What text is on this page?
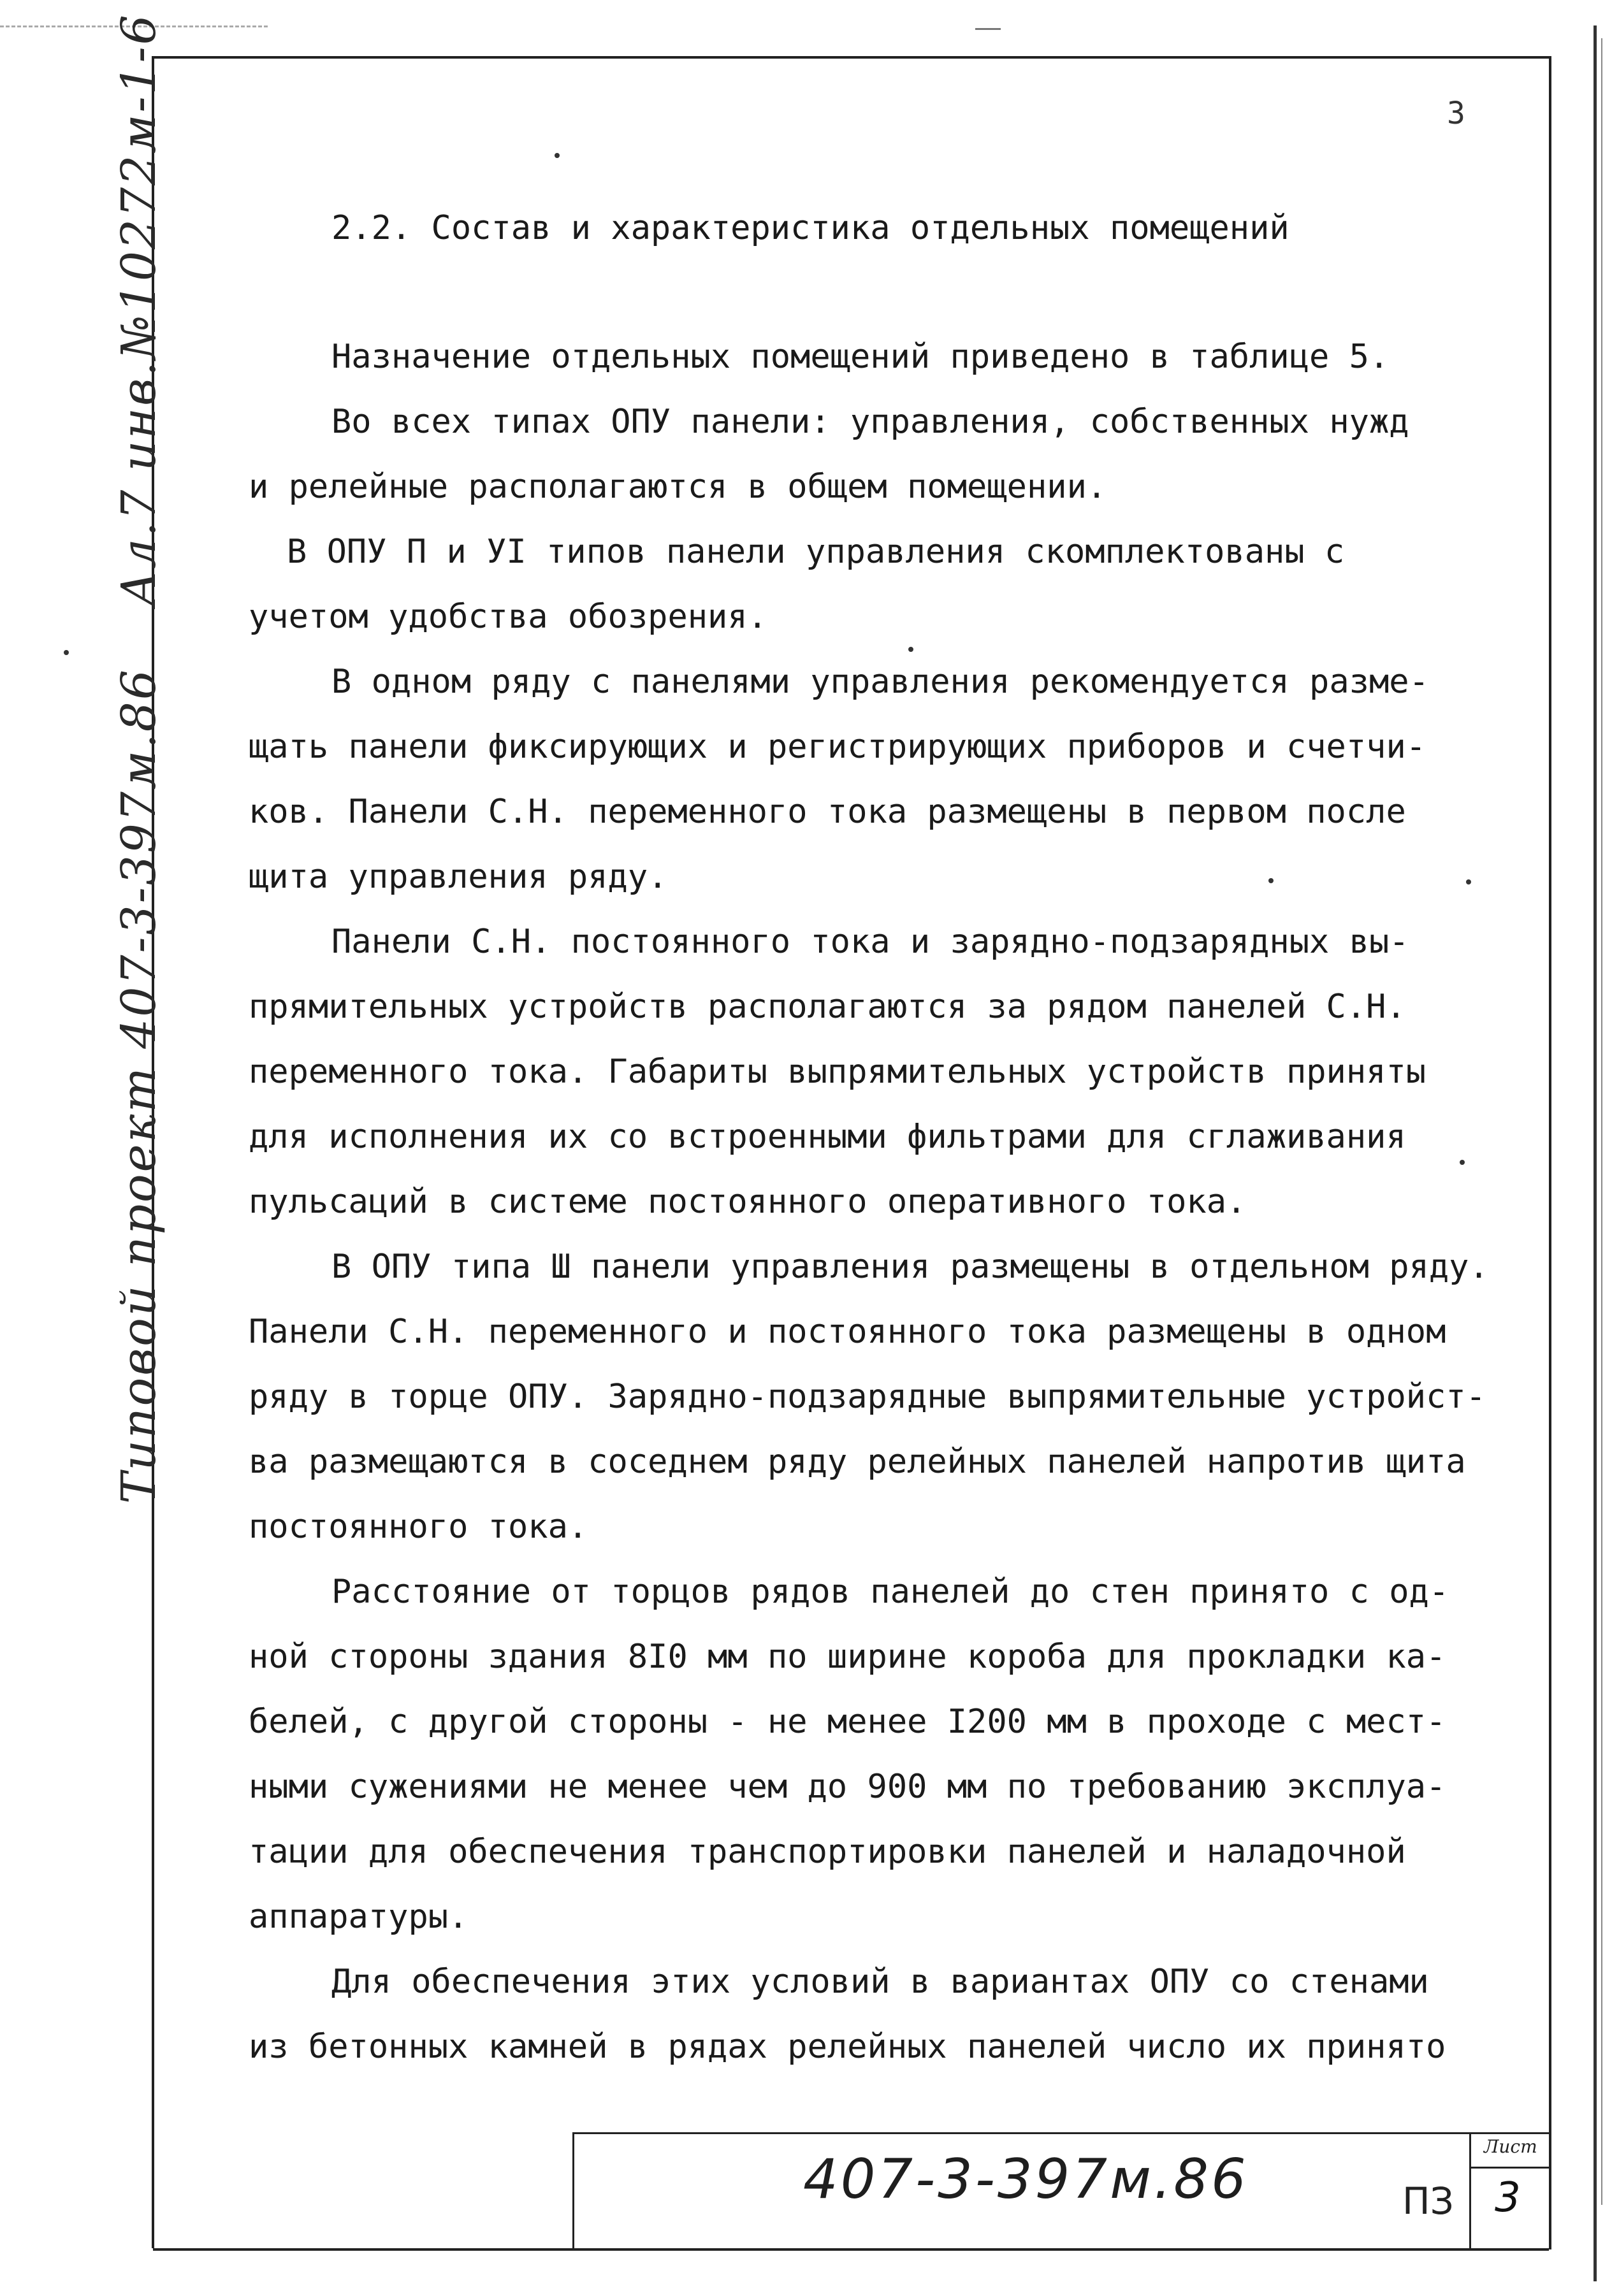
Типовой проект 407-3-397м.86 Ал.7 инв.№10272м-1-6	3
2.2. Состав и характеристика отдельных помещений
Назначение отдельных помещений приведено в таблице 5.
Во всех типах ОПУ панели: управления, собственных нужд
и релейные располагаются в общем помещении.
В ОПУ П и УI типов панели управления скомплектованы с
учетом удобства обозрения.
В одном ряду с панелями управления рекомендуется разме-
щать панели фиксирующих и регистрирующих приборов и счетчи-
ков. Панели С.Н. переменного тока размещены в первом после
щита управления ряду.
Панели С.Н. постоянного тока и зарядно-подзарядных вы-
прямительных устройств располагаются за рядом панелей С.Н.
переменного тока. Габариты выпрямительных устройств приняты
для исполнения их со встроенными фильтрами для сглаживания
пульсаций в системе постоянного оперативного тока.
В ОПУ типа Ш панели управления размещены в отдельном ряду.
Панели С.Н. переменного и постоянного тока размещены в одном
ряду в торце ОПУ. Зарядно-подзарядные выпрямительные устройст-
ва размещаются в соседнем ряду релейных панелей напротив щита
постоянного тока.
Расстояние от торцов рядов панелей до стен принято с од-
ной стороны здания 8I0 мм по ширине короба для прокладки ка-
белей, с другой стороны - не менее I200 мм в проходе с мест-
ными сужениями не менее чем до 900 мм по требованию эксплуа-
тации для обеспечения транспортировки панелей и наладочной
аппаратуры.
Для обеспечения этих условий в вариантах ОПУ со стенами
из бетонных камней в рядах релейных панелей число их принято
407-3-397м.86	ПЗ
Лист
3
